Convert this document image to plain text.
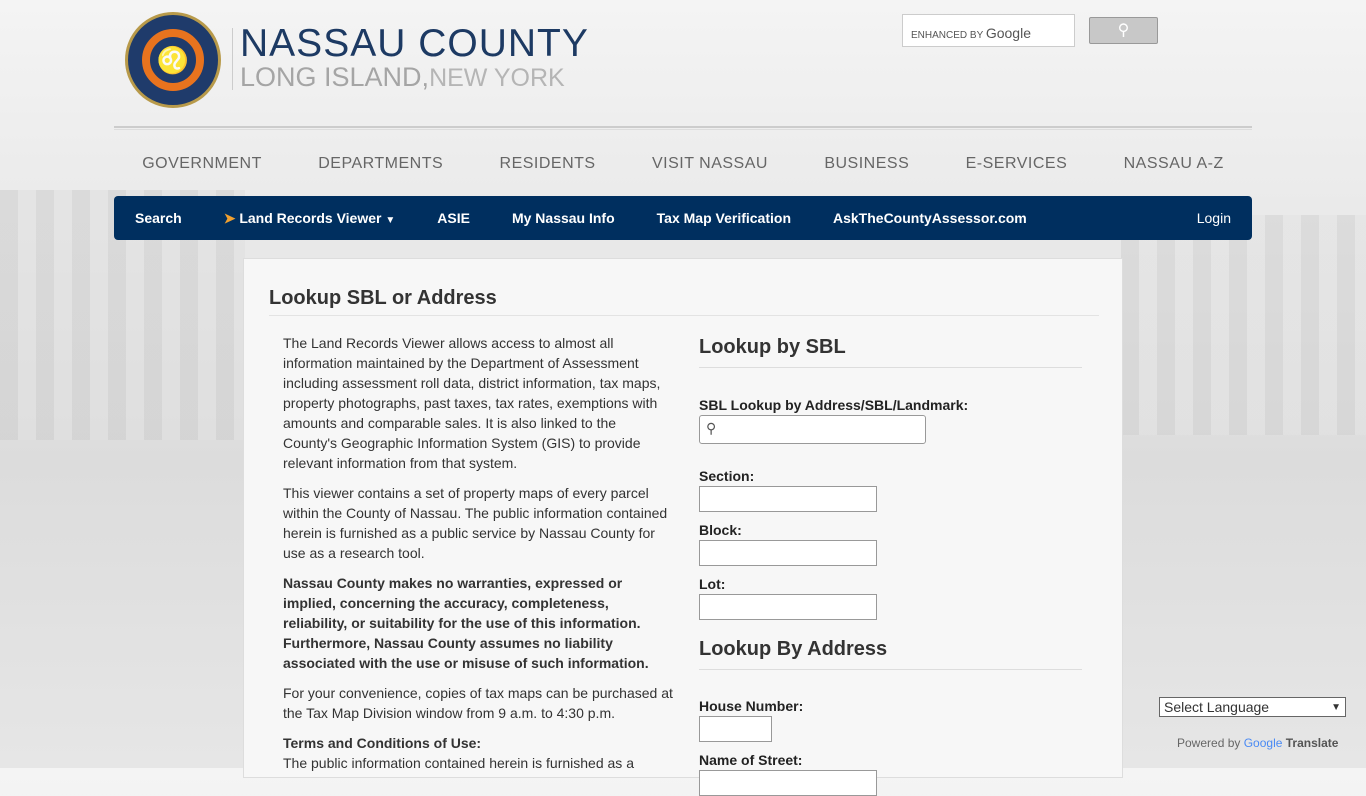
♌	NASSAU COUNTY
LONG ISLAND,NEW YORK
ENHANCED BY Google	⚲
GOVERNMENT	DEPARTMENTS	RESIDENTS	VISIT NASSAU	BUSINESS	E-SERVICES	NASSAU A-Z
Search	➤ Land Records Viewer ▼	ASIE	My Nassau Info	Tax Map Verification	AskTheCountyAssessor.com	Login
Lookup SBL or Address

The Land Records Viewer allows access to almost all information maintained by the Department of Assessment including assessment roll data, district information, tax maps, property photographs, past taxes, tax rates, exemptions with amounts and comparable sales. It is also linked to the County's Geographic Information System (GIS) to provide relevant information from that system.

This viewer contains a set of property maps of every parcel within the County of Nassau. The public information contained herein is furnished as a public service by Nassau County for use as a research tool.

Nassau County makes no warranties, expressed or implied, concerning the accuracy, completeness, reliability, or suitability for the use of this information. Furthermore, Nassau County assumes no liability associated with the use or misuse of such information.

For your convenience, copies of tax maps can be purchased at the Tax Map Division window from 9 a.m. to 4:30 p.m.

Terms and Conditions of Use:
The public information contained herein is furnished as a
Lookup by SBL
SBL Lookup by Address/SBL/Landmark:
⚲
Section:
Block:
Lot:
Lookup By Address
House Number:
Name of Street:
Select Language	▼
Powered by Google Translate
